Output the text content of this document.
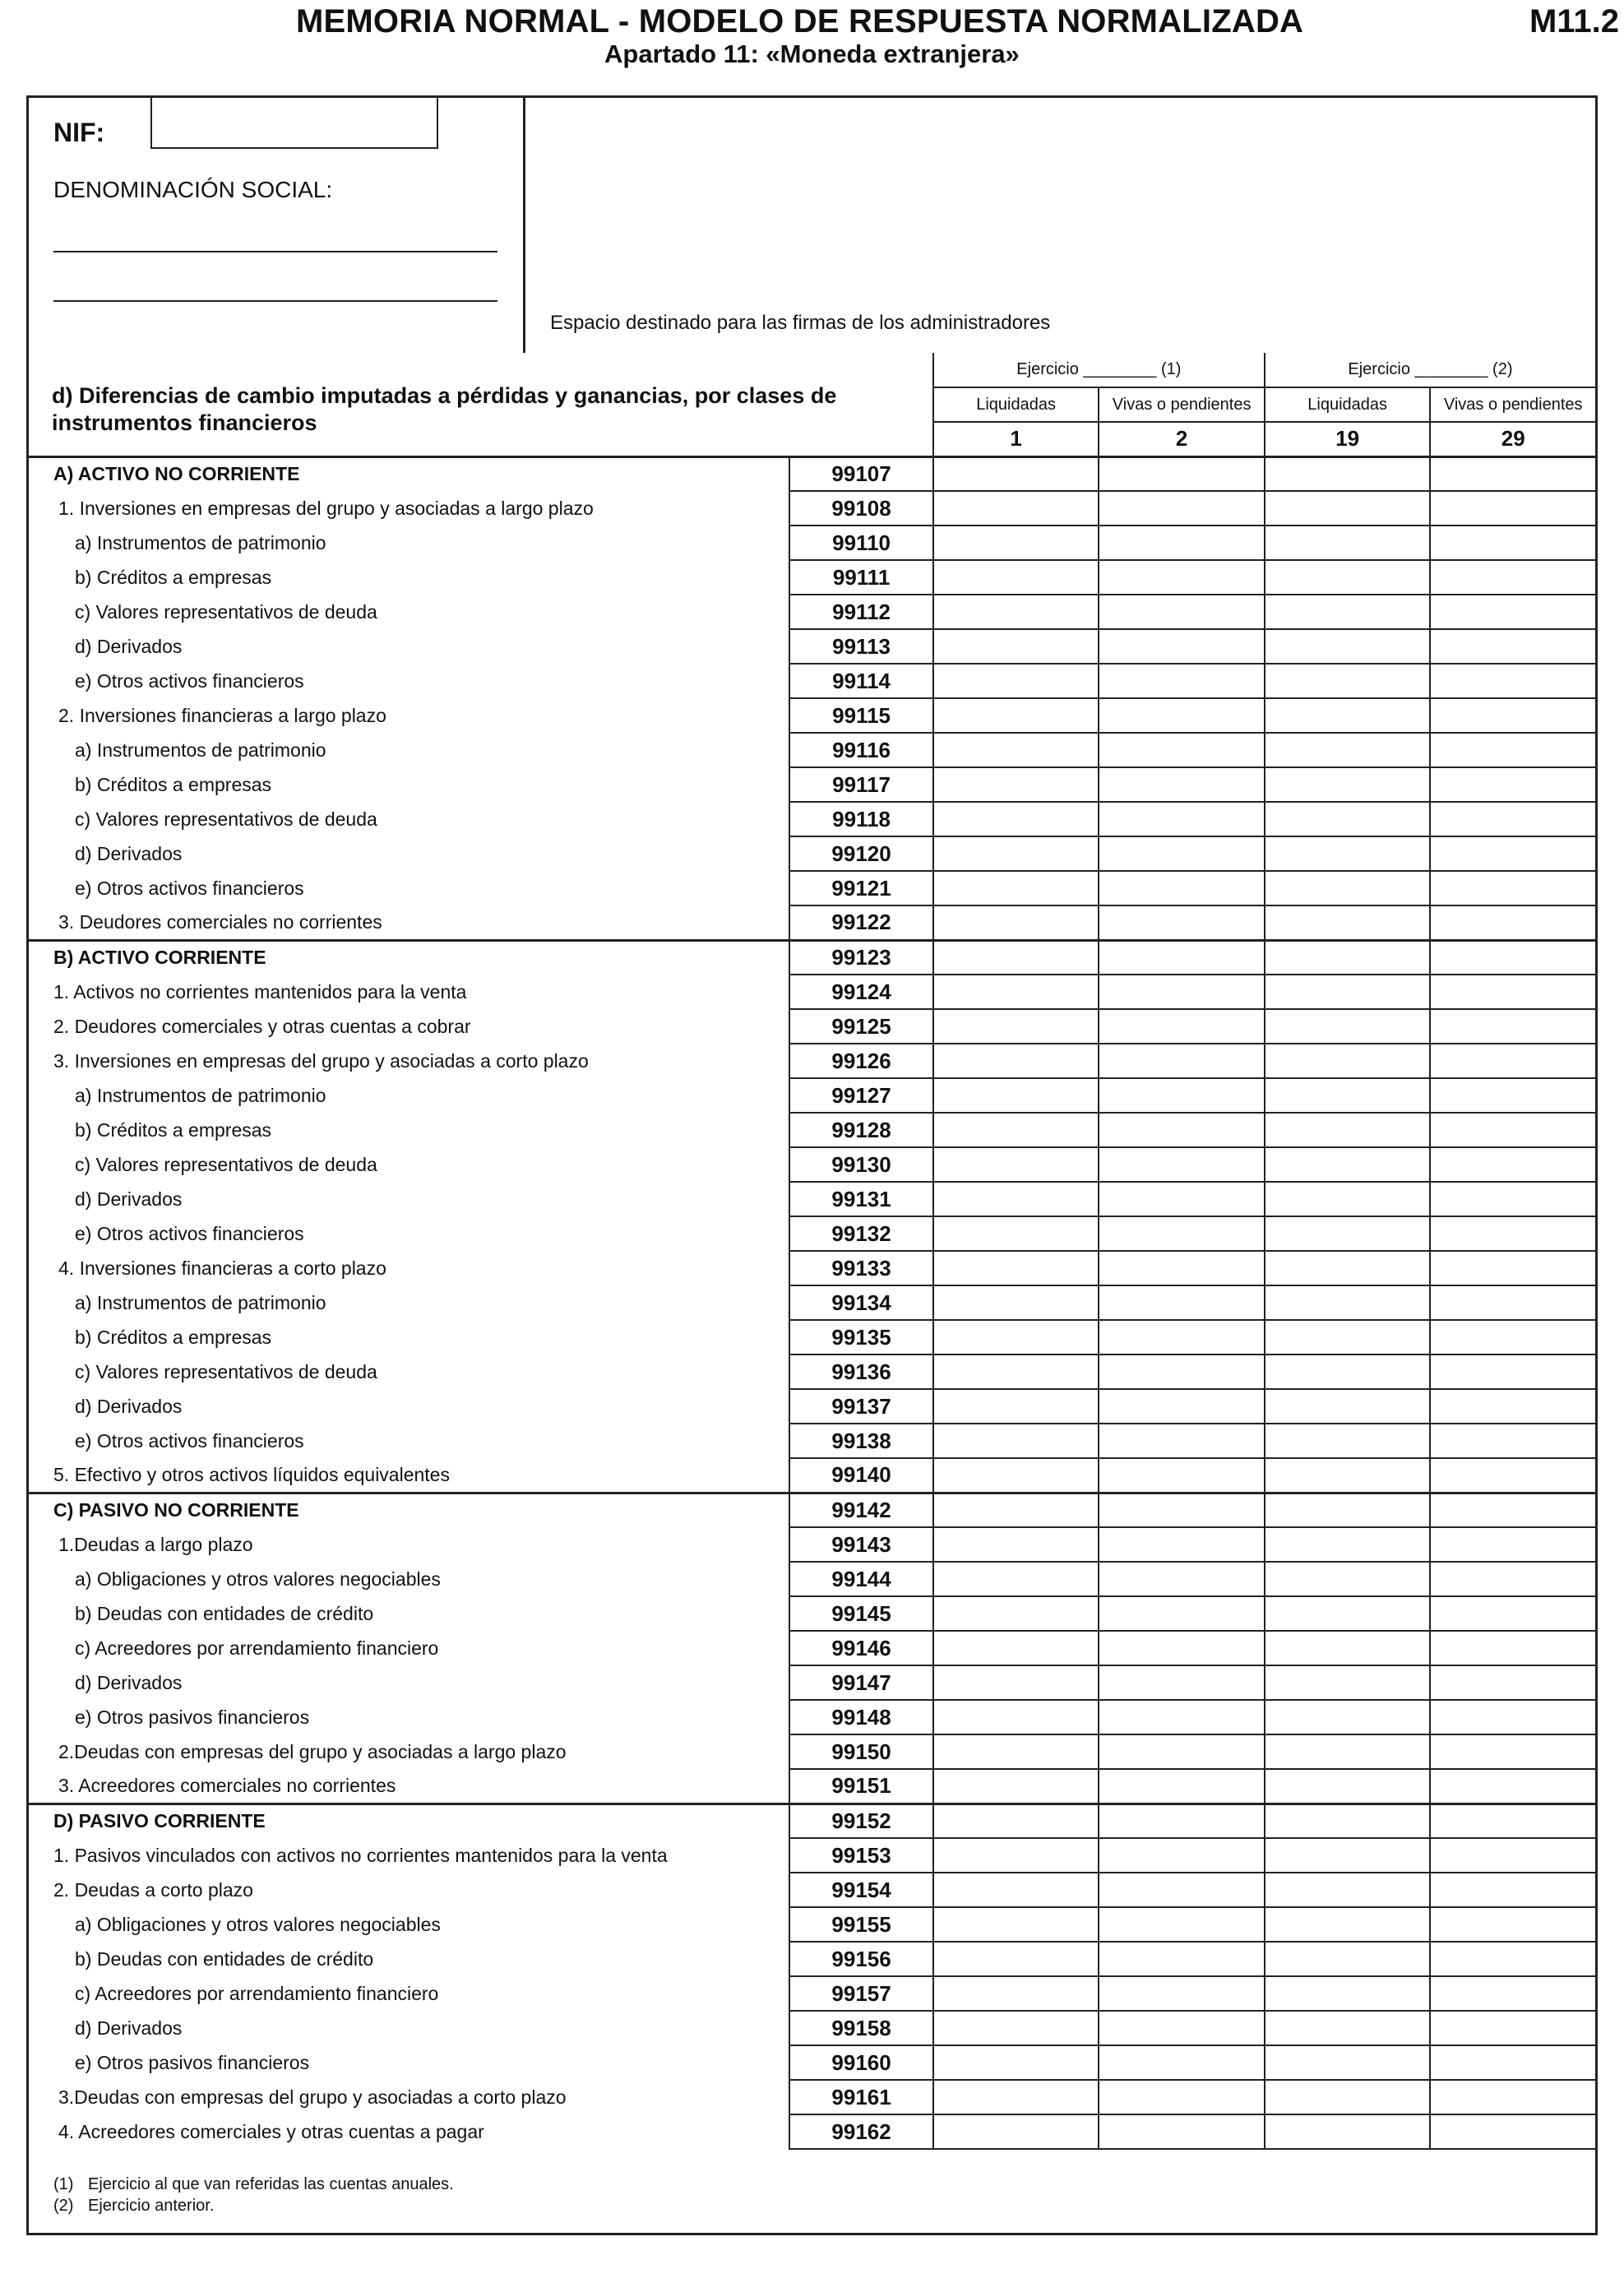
MEMORIA NORMAL - MODELO DE RESPUESTA NORMALIZADA	M11.2
Apartado 11: «Moneda extranjera»
NIF:
DENOMINACIÓN SOCIAL:
Espacio destinado para las firmas de los administradores
		Ejercicio ________ (1)		Ejercicio ________ (2)	
		Liquidadas	Vivas o pendientes	Liquidadas	Vivas o pendientes
		1	2	19	29
A) ACTIVO NO CORRIENTE	99107				
1. Inversiones en empresas del grupo y asociadas a largo plazo	99108				
a) Instrumentos de patrimonio	99110				
b) Créditos a empresas	99111				
c) Valores representativos de deuda	99112				
d) Derivados	99113				
e) Otros activos financieros	99114				
2. Inversiones financieras a largo plazo	99115				
a) Instrumentos de patrimonio	99116				
b) Créditos a empresas	99117				
c) Valores representativos de deuda	99118				
d) Derivados	99120				
e) Otros activos financieros	99121				
3. Deudores comerciales no corrientes	99122				
B) ACTIVO CORRIENTE	99123				
1. Activos no corrientes mantenidos para la venta	99124				
2. Deudores comerciales y otras cuentas a cobrar	99125				
3. Inversiones en empresas del grupo y asociadas a corto plazo	99126				
a) Instrumentos de patrimonio	99127				
b) Créditos a empresas	99128				
c) Valores representativos de deuda	99130				
d) Derivados	99131				
e) Otros activos financieros	99132				
4. Inversiones financieras a corto plazo	99133				
a) Instrumentos de patrimonio	99134				
b) Créditos a empresas	99135				
c) Valores representativos de deuda	99136				
d) Derivados	99137				
e) Otros activos financieros	99138				
5. Efectivo y otros activos líquidos equivalentes	99140				
C) PASIVO NO CORRIENTE	99142				
1.Deudas a largo plazo	99143				
a) Obligaciones y otros valores negociables	99144				
b) Deudas con entidades de crédito	99145				
c) Acreedores por arrendamiento financiero	99146				
d) Derivados	99147				
e) Otros pasivos financieros	99148				
2.Deudas con empresas del grupo y asociadas a largo plazo	99150				
3. Acreedores comerciales no corrientes	99151				
D) PASIVO CORRIENTE	99152				
1. Pasivos vinculados con activos no corrientes mantenidos para la venta	99153				
2. Deudas a corto plazo	99154				
a) Obligaciones y otros valores negociables	99155				
b) Deudas con entidades de crédito	99156				
c) Acreedores por arrendamiento financiero	99157				
d) Derivados	99158				
e) Otros pasivos financieros	99160				
3.Deudas con empresas del grupo y asociadas a corto plazo	99161				
4. Acreedores comerciales y otras cuentas a pagar	99162				
d) Diferencias de cambio imputadas a pérdidas y ganancias, por clases de instrumentos financieros
(1) Ejercicio al que van referidas las cuentas anuales.
(2) Ejercicio anterior.
